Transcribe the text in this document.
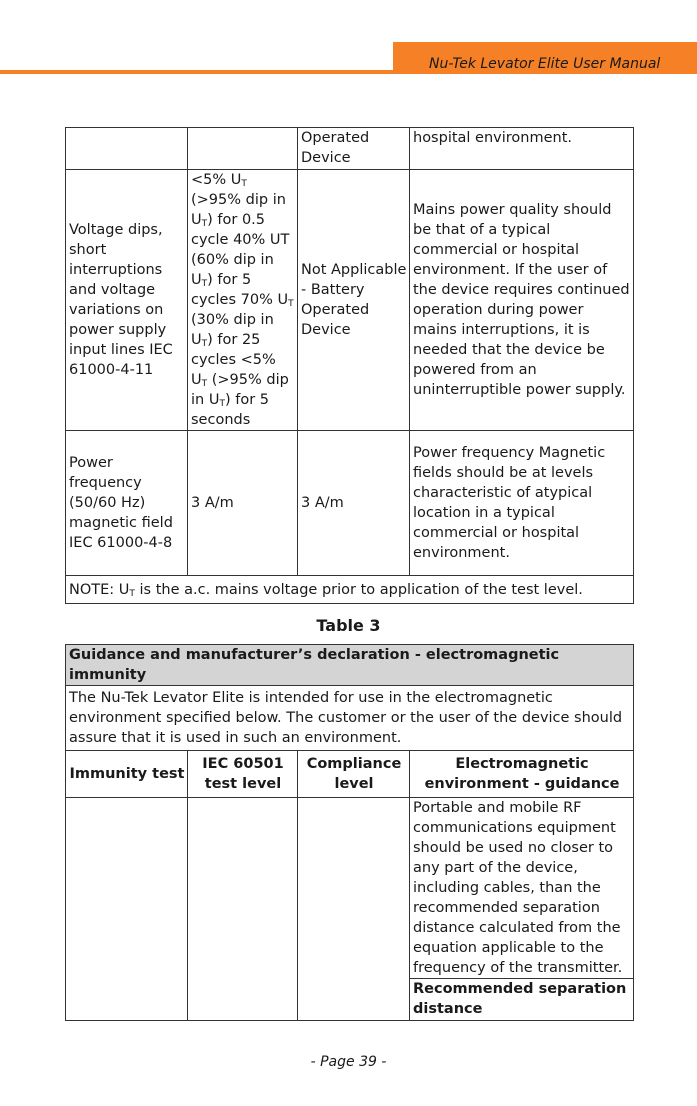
Nu-Tek Levator Elite User Manual
		Operated Device	hospital environment.
Voltage dips, short interruptions and voltage variations on power supply input lines IEC 61000-4-11	<5% $U_T$ (>95% dip in $U_T$) for 0.5 cycle 40% UT (60% dip in $U_T$) for 5 cycles 70% $U_T$ (30% dip in $U_T$) for 25 cycles <5% $U_T$ (>95% dip in $U_T$) for 5 seconds	Not Applicable - Battery Operated Device	Mains power quality should be that of a typical commercial or hospital environment. If the user of the device requires continued operation during power mains interruptions, it is needed that the device be powered from an uninterruptible power supply.
Power frequency (50/60 Hz) magnetic field IEC 61000-4-8	3 A/m	3 A/m	Power frequency Magnetic fields should be at levels characteristic of atypical location in a typical commercial or hospital environment.
NOTE: $U_T$ is the a.c. mains voltage prior to application of the test level.			
Table 3
Guidance and manufacturer’s declaration - electromagnetic immunity			
The Nu-Tek Levator Elite is intended for use in the electromagnetic environment specified below. The customer or the user of the device should assure that it is used in such an environment.			
Immunity test	IEC 60501 test level	Compliance level	Electromagnetic environment - guidance
			Portable and mobile RF communications equipment should be used no closer to any part of the device, including cables, than the recommended separation distance calculated from the equation applicable to the frequency of the transmitter.
			Recommended separation distance
- Page 39 -
